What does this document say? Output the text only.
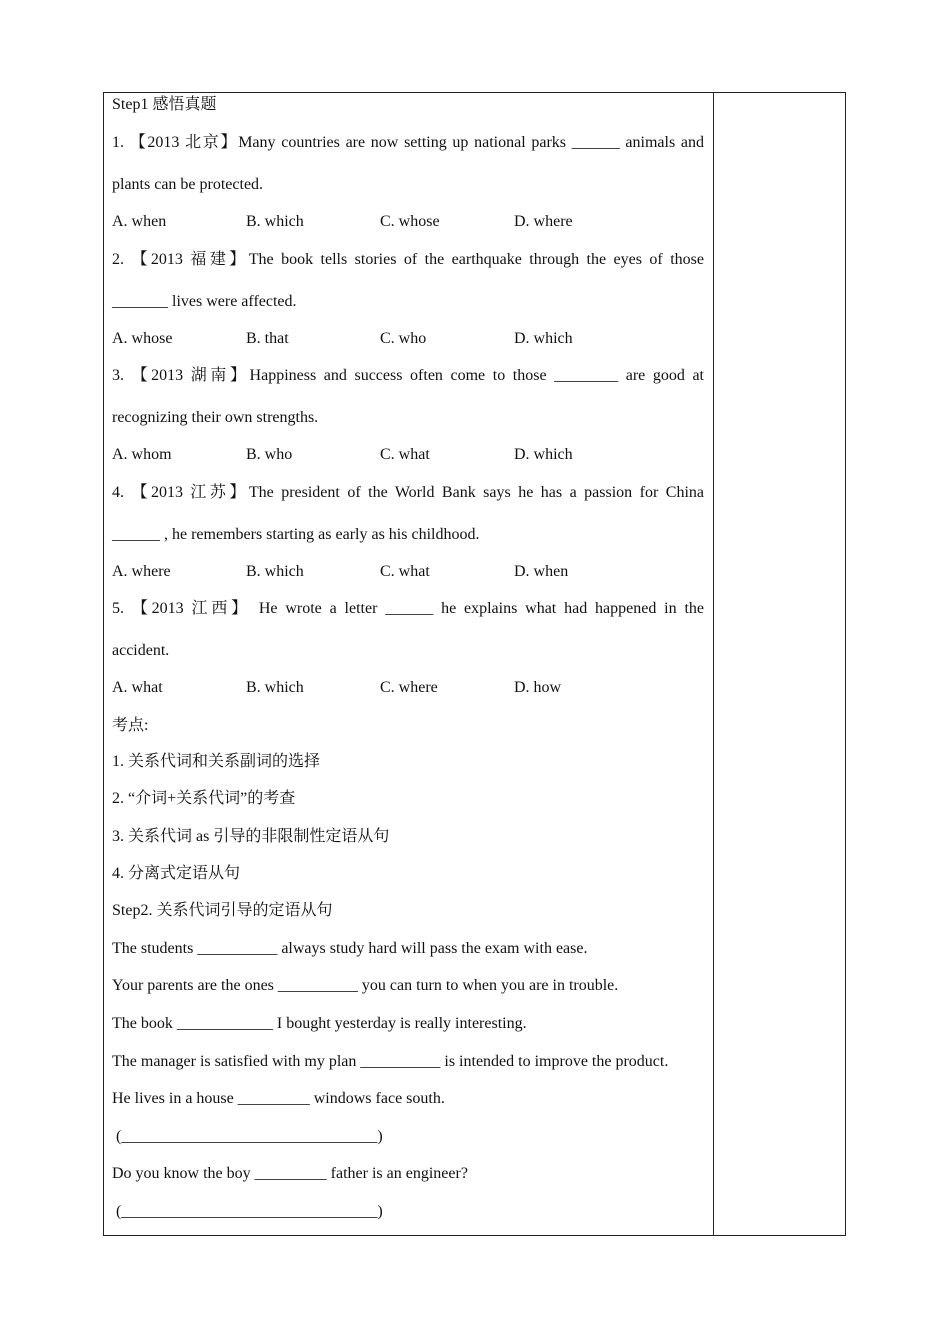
Step1 感悟真题
1. 【2013 北京】Many countries are now setting up national parks ______ animals and
plants can be protected.
A. when	B. which	C. whose	D. where
2. 【2013 福建】The book tells stories of the earthquake through the eyes of those
_______ lives were affected.
A. whose	B. that	C. who	D. which
3. 【2013 湖南】Happiness and success often come to those ________ are good at
recognizing their own strengths.
A. whom	B. who	C. what	D. which
4. 【2013 江苏】The president of the World Bank says he has a passion for China
______ , he remembers starting as early as his childhood.
A. where	B. which	C. what	D. when
5. 【2013 江西】 He wrote a letter ______ he explains what had happened in the
accident.
A. what	B. which	C. where	D. how
考点:
1. 关系代词和关系副词的选择
2. “介词+关系代词”的考查
3. 关系代词 as 引导的非限制性定语从句
4. 分离式定语从句
Step2. 关系代词引导的定语从句
The students __________ always study hard will pass the exam with ease.
Your parents are the ones __________ you can turn to when you are in trouble.
The book ____________ I bought yesterday is really interesting.
The manager is satisfied with my plan __________ is intended to improve the product.
He lives in a house _________ windows face south.
(________________________________)
Do you know the boy _________ father is an engineer?
(________________________________)
